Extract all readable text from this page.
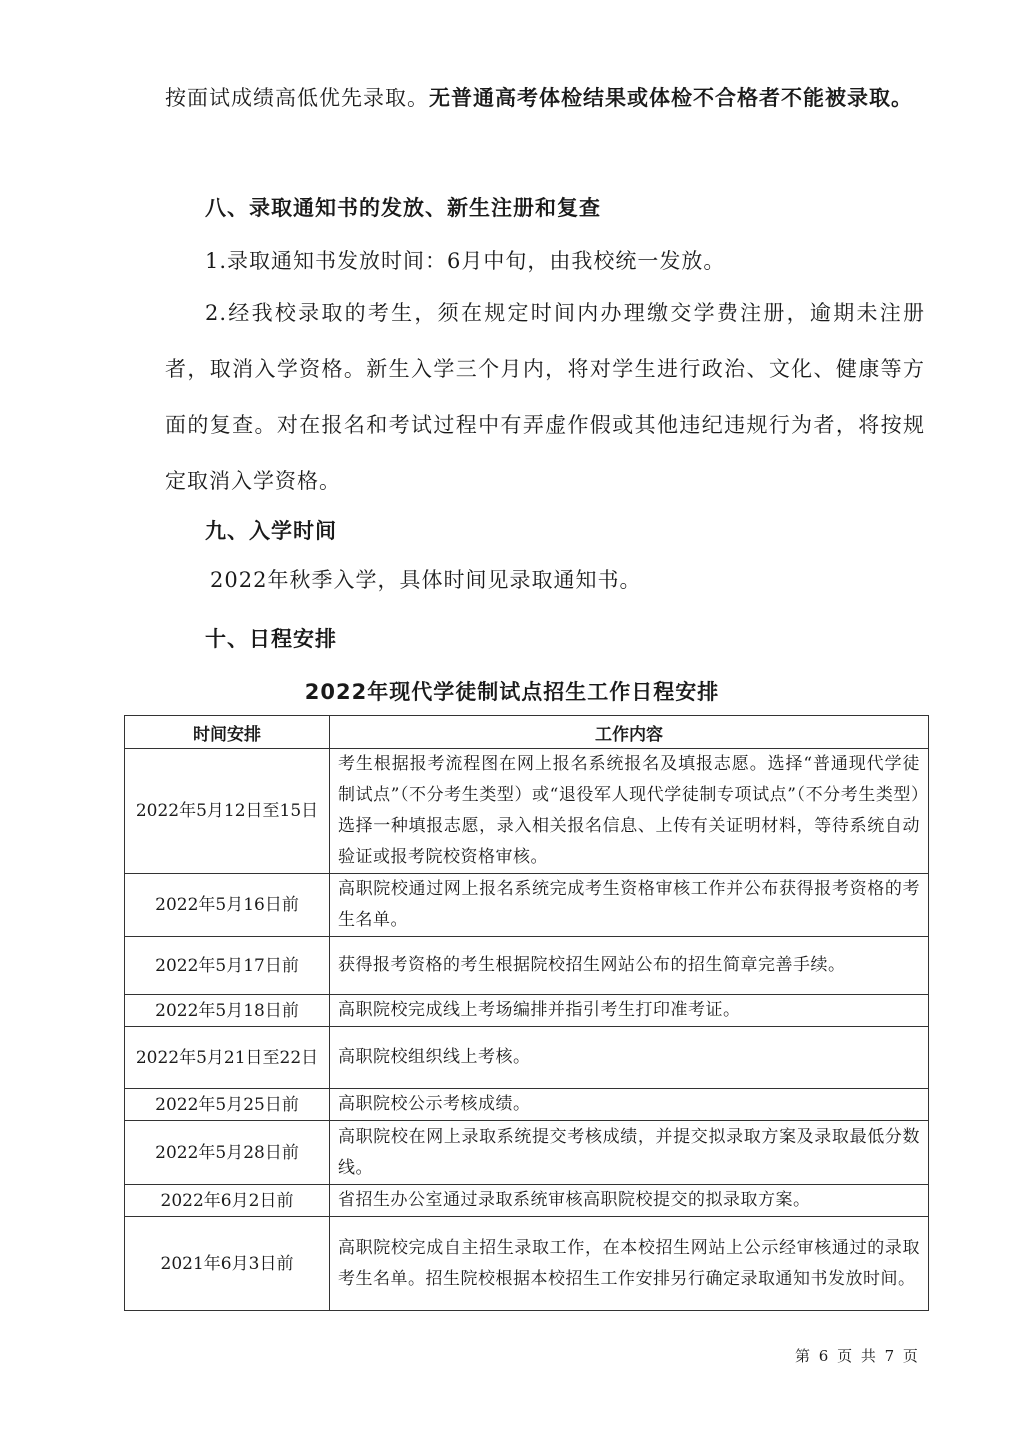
按面试成绩高低优先录取。无普通高考体检结果或体检不合格者不能被录取。

八、录取通知书的发放、新生注册和复查

1.录取通知书发放时间：6月中旬，由我校统一发放。

2.经我校录取的考生，须在规定时间内办理缴交学费注册，逾期未注册者，取消入学资格。新生入学三个月内，将对学生进行政治、文化、健康等方面的复查。对在报名和考试过程中有弄虚作假或其他违纪违规行为者，将按规定取消入学资格。

九、入学时间

2022年秋季入学，具体时间见录取通知书。

十、日程安排
2022年现代学徒制试点招生工作日程安排
时间安排	工作内容
2022年5月12日至15日	考生根据报考流程图在网上报名系统报名及填报志愿。选择“普通现代学徒制试点”（不分考生类型）或“退役军人现代学徒制专项试点”（不分考生类型）选择一种填报志愿，录入相关报名信息、上传有关证明材料，等待系统自动验证或报考院校资格审核。
2022年5月16日前	高职院校通过网上报名系统完成考生资格审核工作并公布获得报考资格的考生名单。
2022年5月17日前	获得报考资格的考生根据院校招生网站公布的招生简章完善手续。
2022年5月18日前	高职院校完成线上考场编排并指引考生打印准考证。
2022年5月21日至22日	高职院校组织线上考核。
2022年5月25日前	高职院校公示考核成绩。
2022年5月28日前	高职院校在网上录取系统提交考核成绩，并提交拟录取方案及录取最低分数线。
2022年6月2日前	省招生办公室通过录取系统审核高职院校提交的拟录取方案。
2021年6月3日前	高职院校完成自主招生录取工作，在本校招生网站上公示经审核通过的录取考生名单。招生院校根据本校招生工作安排另行确定录取通知书发放时间。
第 6 页 共 7 页
